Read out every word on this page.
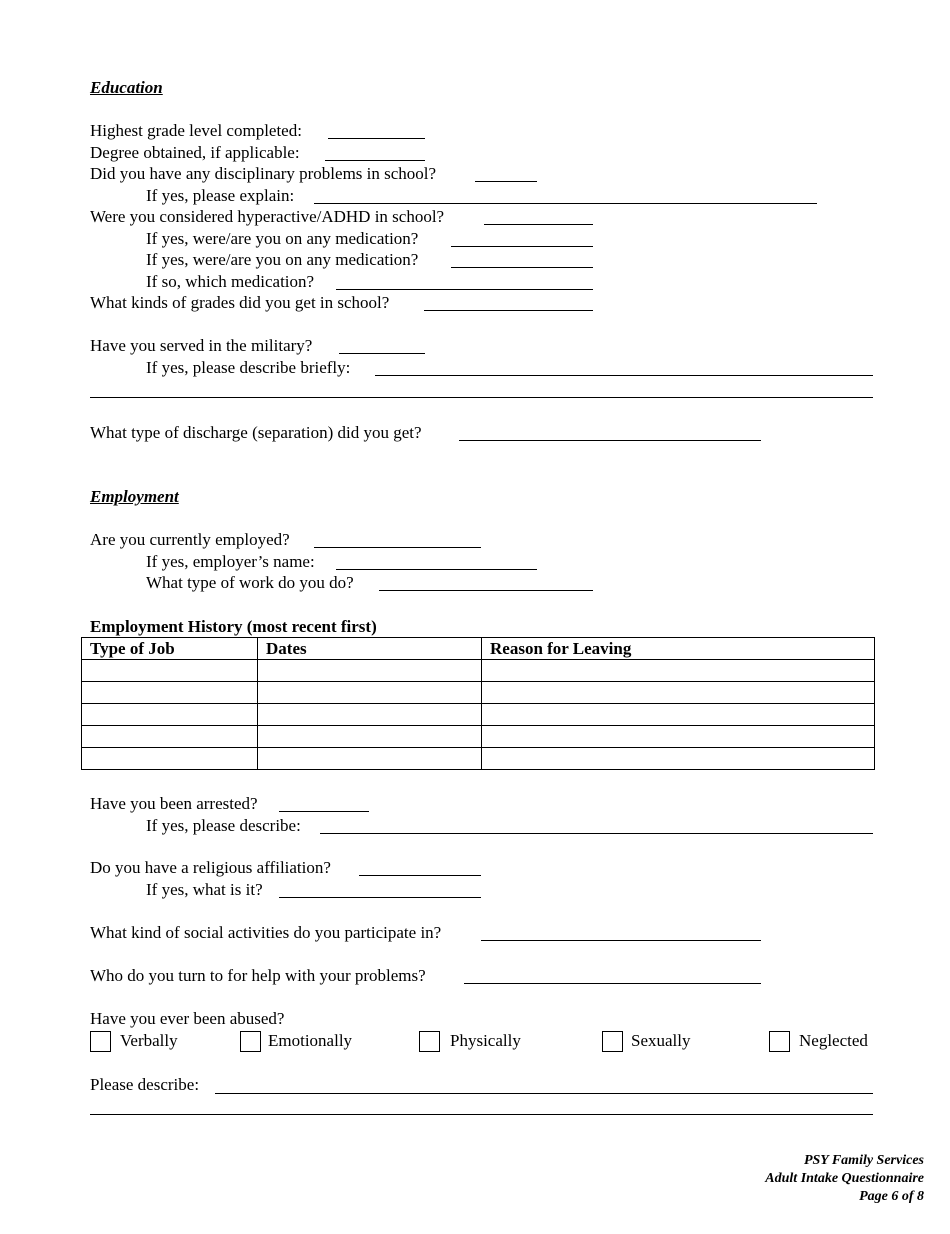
Education
Highest grade level completed:
Degree obtained, if applicable:
Did you have any disciplinary problems in school?
If yes, please explain:
Were you considered hyperactive/ADHD in school?
If yes, were/are you on any medication?
If yes, were/are you on any medication?
If so, which medication?
What kinds of grades did you get in school?
Have you served in the military?
If yes, please describe briefly:
What type of discharge (separation) did you get?
Employment
Are you currently employed?
If yes, employer’s name:
What type of work do you do?
Employment History (most recent first)
Type of Job	Dates	Reason for Leaving

Have you been arrested?
If yes, please describe:
Do you have a religious affiliation?
If yes, what is it?
What kind of social activities do you participate in?
Who do you turn to for help with your problems?
Have you ever been abused?
Verbally	Emotionally	Physically	Sexually	Neglected
Please describe:
PSY Family Services
Adult Intake Questionnaire
Page 6 of 8
